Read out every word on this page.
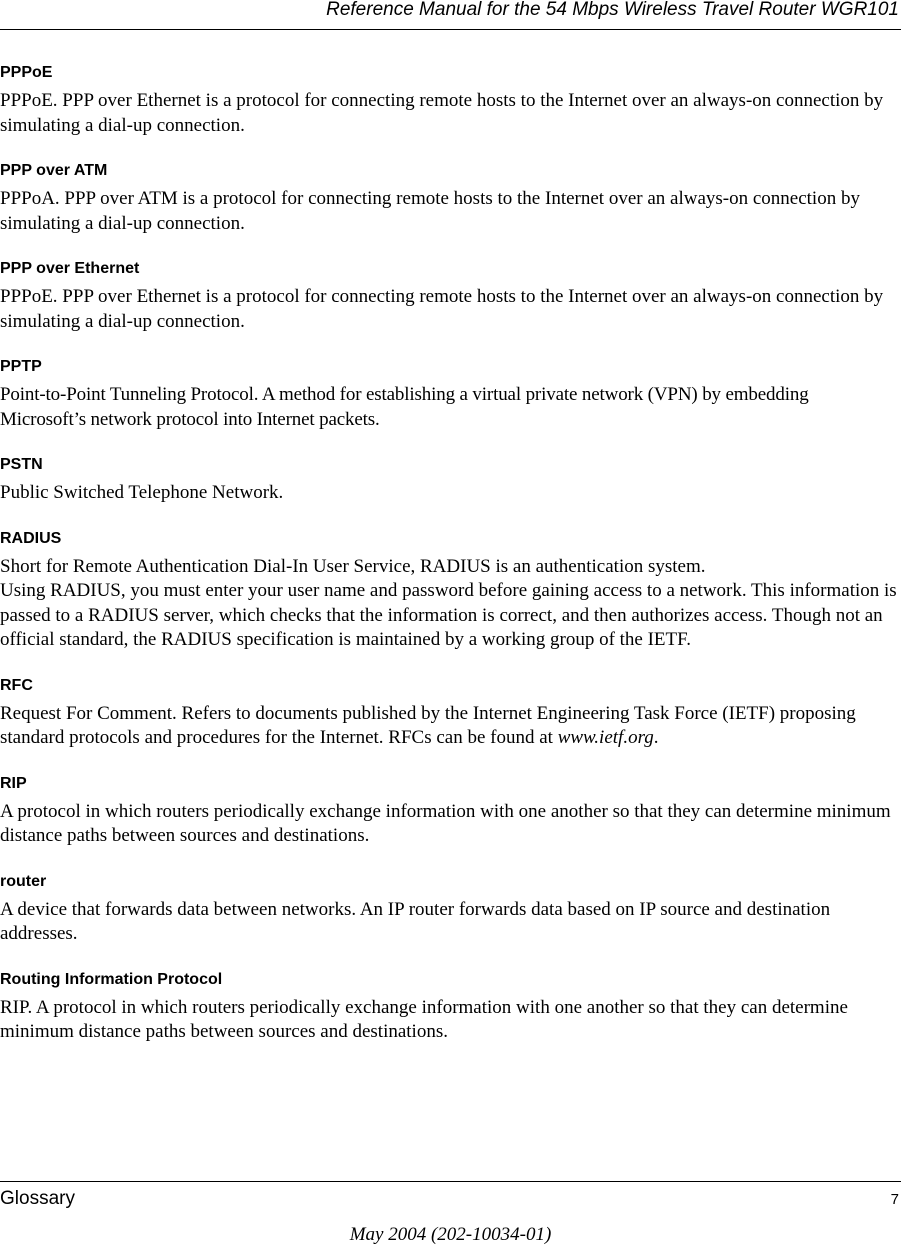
Reference Manual for the 54 Mbps Wireless Travel Router WGR101
PPPoE

PPPoE. PPP over Ethernet is a protocol for connecting remote hosts to the Internet over an always-on connection by simulating a dial-up connection.

PPP over ATM

PPPoA. PPP over ATM is a protocol for connecting remote hosts to the Internet over an always-on connection by simulating a dial-up connection.

PPP over Ethernet

PPPoE. PPP over Ethernet is a protocol for connecting remote hosts to the Internet over an always-on connection by simulating a dial-up connection.

PPTP

Point-to-Point Tunneling Protocol. A method for establishing a virtual private network (VPN) by embedding Microsoft’s network protocol into Internet packets.

PSTN

Public Switched Telephone Network.

RADIUS

Short for Remote Authentication Dial-In User Service, RADIUS is an authentication system.

Using RADIUS, you must enter your user name and password before gaining access to a network. This information is passed to a RADIUS server, which checks that the information is correct, and then authorizes access. Though not an official standard, the RADIUS specification is maintained by a working group of the IETF.

RFC

Request For Comment. Refers to documents published by the Internet Engineering Task Force (IETF) proposing standard protocols and procedures for the Internet. RFCs can be found at www.ietf.org.

RIP

A protocol in which routers periodically exchange information with one another so that they can determine minimum distance paths between sources and destinations.

router

A device that forwards data between networks. An IP router forwards data based on IP source and destination addresses.

Routing Information Protocol

RIP. A protocol in which routers periodically exchange information with one another so that they can determine minimum distance paths between sources and destinations.

Glossary	7
May 2004 (202-10034-01)
